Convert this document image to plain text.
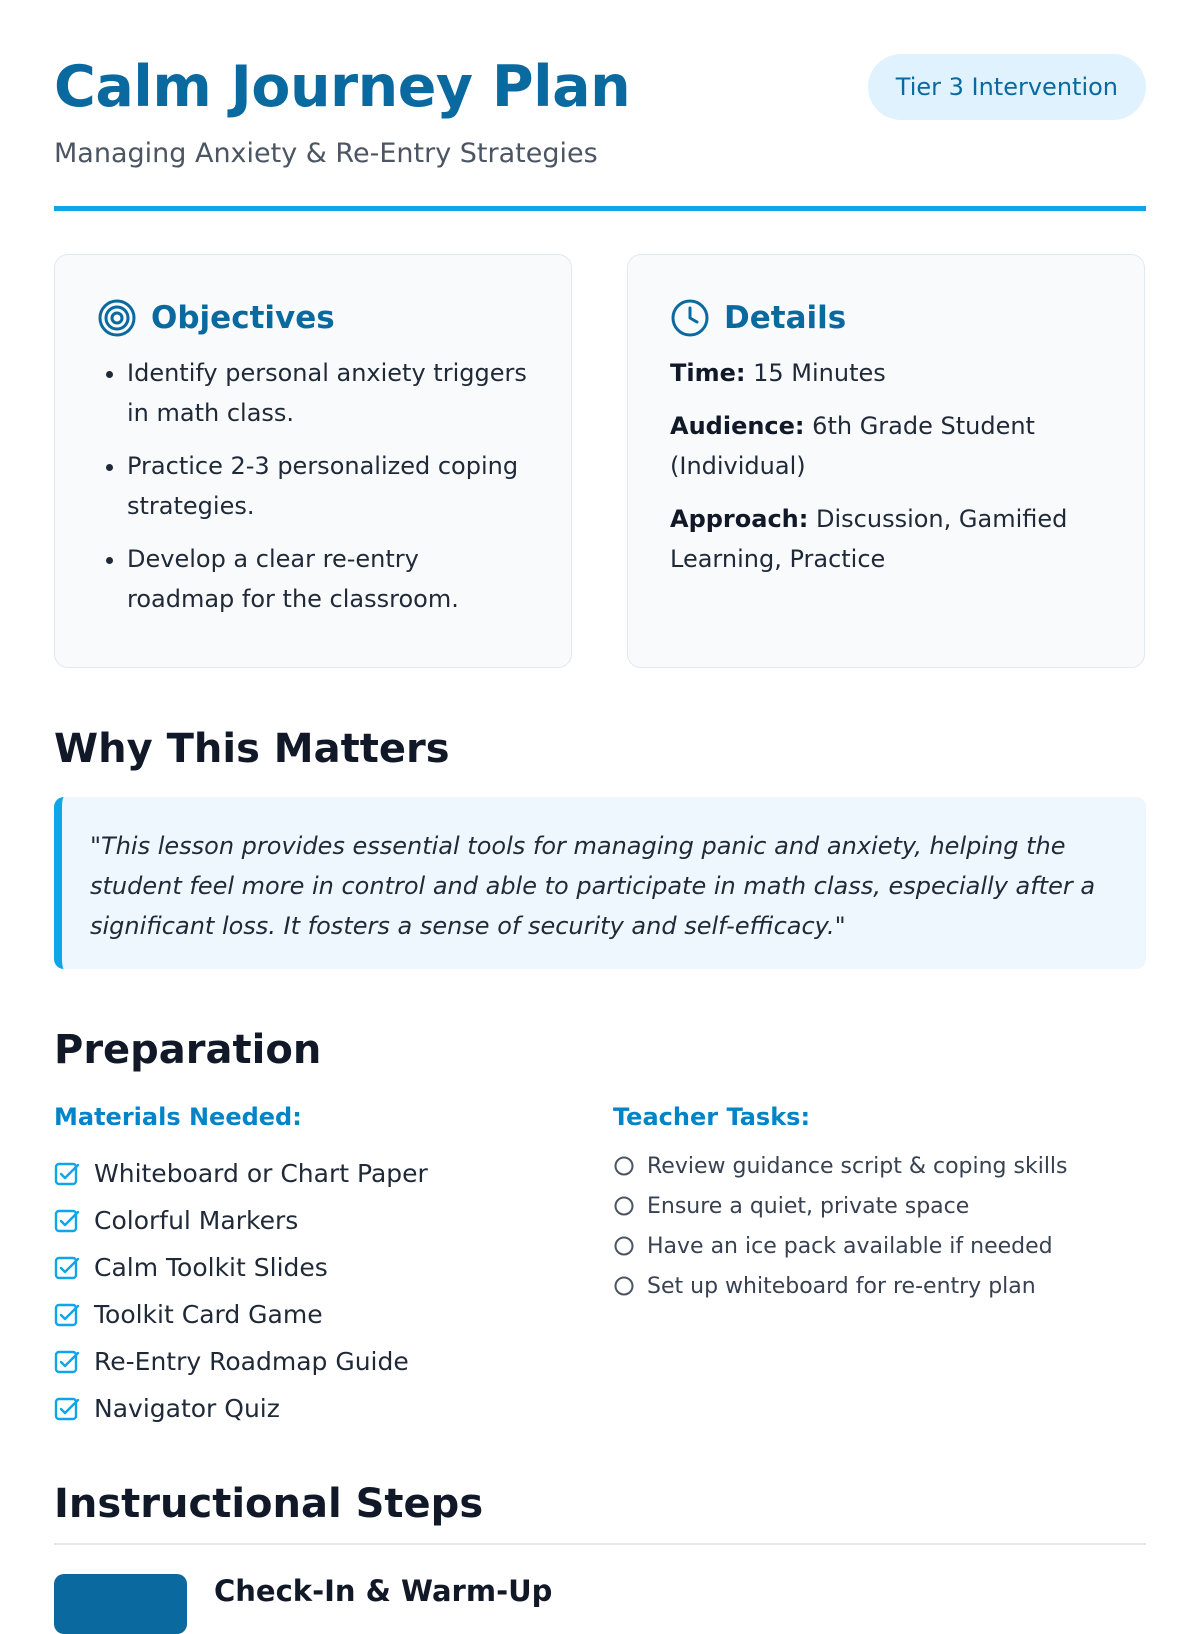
Calm Journey Plan

Managing Anxiety & Re-Entry Strategies

Tier 3 Intervention
Objectives
• Identify personal anxiety triggers in math class.
• Practice 2-3 personalized coping strategies.
• Develop a clear re-entry roadmap for the classroom.
Details

Time: 15 Minutes

Audience: 6th Grade Student (Individual)

Approach: Discussion, Gamified Learning, Practice

Why This Matters
"This lesson provides essential tools for managing panic and anxiety, helping the student feel more in control and able to participate in math class, especially after a significant loss. It fosters a sense of security and self-efficacy."
Preparation
Materials Needed:	Teacher Tasks:
Whiteboard or Chart Paper
Colorful Markers
Calm Toolkit Slides
Toolkit Card Game
Re-Entry Roadmap Guide
Navigator Quiz
Review guidance script & coping skills
Ensure a quiet, private space
Have an ice pack available if needed
Set up whiteboard for re-entry plan
Instructional Steps
Check-In & Warm-Up
